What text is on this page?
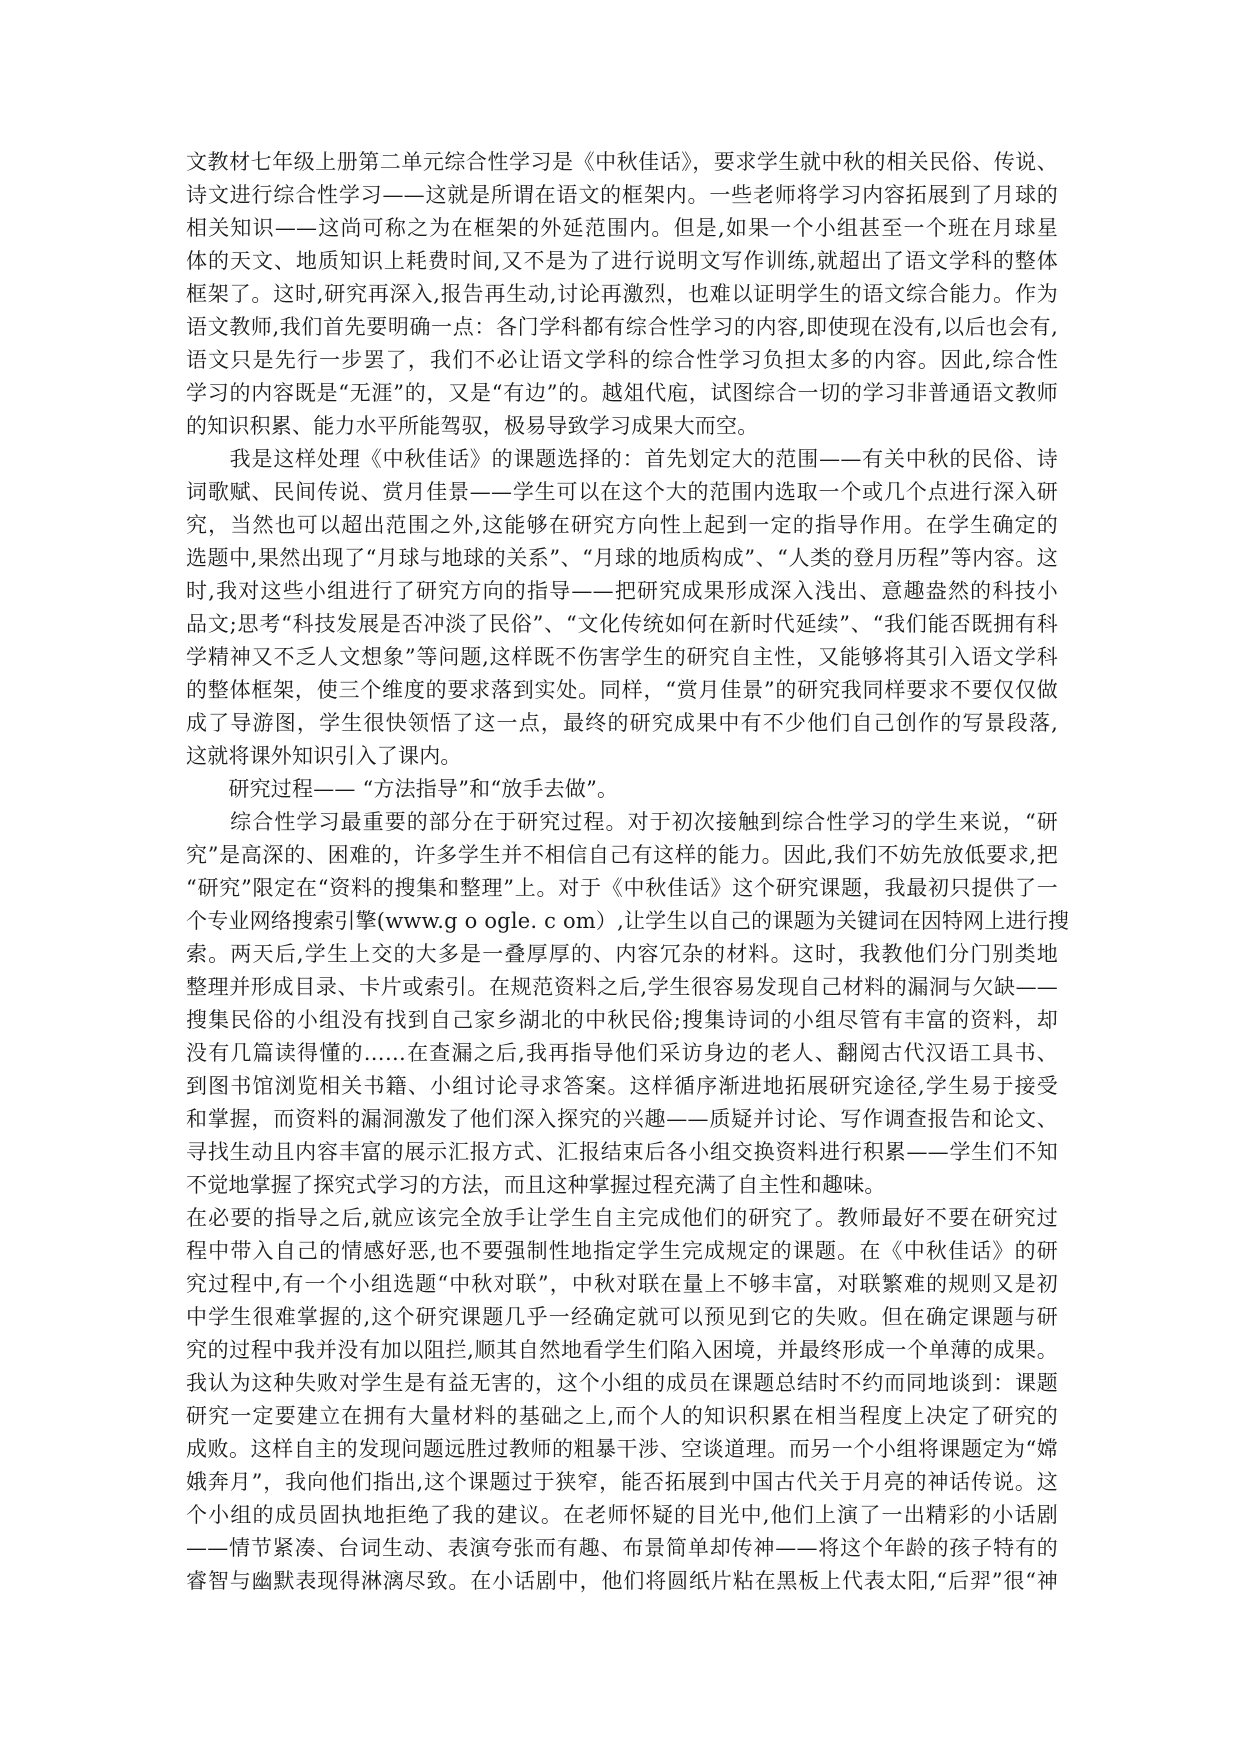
文教材七年级上册第二单元综合性学习是《中秋佳话》，要求学生就中秋的相关民俗、传说、
诗文进行综合性学习——这就是所谓在语文的框架内。一些老师将学习内容拓展到了月球的
相关知识——这尚可称之为在框架的外延范围内。但是,如果一个小组甚至一个班在月球星
体的天文、地质知识上耗费时间,又不是为了进行说明文写作训练,就超出了语文学科的整体
框架了。这时,研究再深入,报告再生动,讨论再激烈，也难以证明学生的语文综合能力。作为
语文教师,我们首先要明确一点：各门学科都有综合性学习的内容,即使现在没有,以后也会有,
语文只是先行一步罢了，我们不必让语文学科的综合性学习负担太多的内容。因此,综合性
学习的内容既是“无涯”的，又是“有边”的。越俎代庖，试图综合一切的学习非普通语文教师
的知识积累、能力水平所能驾驭，极易导致学习成果大而空。
　　我是这样处理《中秋佳话》的课题选择的：首先划定大的范围——有关中秋的民俗、诗
词歌赋、民间传说、赏月佳景——学生可以在这个大的范围内选取一个或几个点进行深入研
究，当然也可以超出范围之外,这能够在研究方向性上起到一定的指导作用。在学生确定的
选题中,果然出现了“月球与地球的关系”、“月球的地质构成”、“人类的登月历程”等内容。这
时,我对这些小组进行了研究方向的指导——把研究成果形成深入浅出、意趣盎然的科技小
品文;思考“科技发展是否冲淡了民俗”、“文化传统如何在新时代延续”、“我们能否既拥有科
学精神又不乏人文想象”等问题,这样既不伤害学生的研究自主性，又能够将其引入语文学科
的整体框架，使三个维度的要求落到实处。同样，“赏月佳景”的研究我同样要求不要仅仅做
成了导游图，学生很快领悟了这一点，最终的研究成果中有不少他们自己创作的写景段落,
这就将课外知识引入了课内。
　　研究过程—— “方法指导”和“放手去做”。
　　综合性学习最重要的部分在于研究过程。对于初次接触到综合性学习的学生来说，“研
究”是高深的、困难的，许多学生并不相信自己有这样的能力。因此,我们不妨先放低要求,把
“研究”限定在“资料的搜集和整理”上。对于《中秋佳话》这个研究课题，我最初只提供了一
个专业网络搜索引擎(www.g o ogle. c om）,让学生以自己的课题为关键词在因特网上进行搜
索。两天后,学生上交的大多是一叠厚厚的、内容冗杂的材料。这时，我教他们分门别类地
整理并形成目录、卡片或索引。在规范资料之后,学生很容易发现自己材料的漏洞与欠缺——
搜集民俗的小组没有找到自己家乡湖北的中秋民俗;搜集诗词的小组尽管有丰富的资料，却
没有几篇读得懂的……在查漏之后,我再指导他们采访身边的老人、翻阅古代汉语工具书、
到图书馆浏览相关书籍、小组讨论寻求答案。这样循序渐进地拓展研究途径,学生易于接受
和掌握，而资料的漏洞激发了他们深入探究的兴趣——质疑并讨论、写作调查报告和论文、
寻找生动且内容丰富的展示汇报方式、汇报结束后各小组交换资料进行积累——学生们不知
不觉地掌握了探究式学习的方法，而且这种掌握过程充满了自主性和趣味。
在必要的指导之后,就应该完全放手让学生自主完成他们的研究了。教师最好不要在研究过
程中带入自己的情感好恶,也不要强制性地指定学生完成规定的课题。在《中秋佳话》的研
究过程中,有一个小组选题“中秋对联”，中秋对联在量上不够丰富，对联繁难的规则又是初
中学生很难掌握的,这个研究课题几乎一经确定就可以预见到它的失败。但在确定课题与研
究的过程中我并没有加以阻拦,顺其自然地看学生们陷入困境，并最终形成一个单薄的成果。
我认为这种失败对学生是有益无害的，这个小组的成员在课题总结时不约而同地谈到：课题
研究一定要建立在拥有大量材料的基础之上,而个人的知识积累在相当程度上决定了研究的
成败。这样自主的发现问题远胜过教师的粗暴干涉、空谈道理。而另一个小组将课题定为“嫦
娥奔月”，我向他们指出,这个课题过于狭窄，能否拓展到中国古代关于月亮的神话传说。这
个小组的成员固执地拒绝了我的建议。在老师怀疑的目光中,他们上演了一出精彩的小话剧
——情节紧凑、台词生动、表演夸张而有趣、布景简单却传神——将这个年龄的孩子特有的
睿智与幽默表现得淋漓尽致。在小话剧中，他们将圆纸片粘在黑板上代表太阳,“后羿”很“神
